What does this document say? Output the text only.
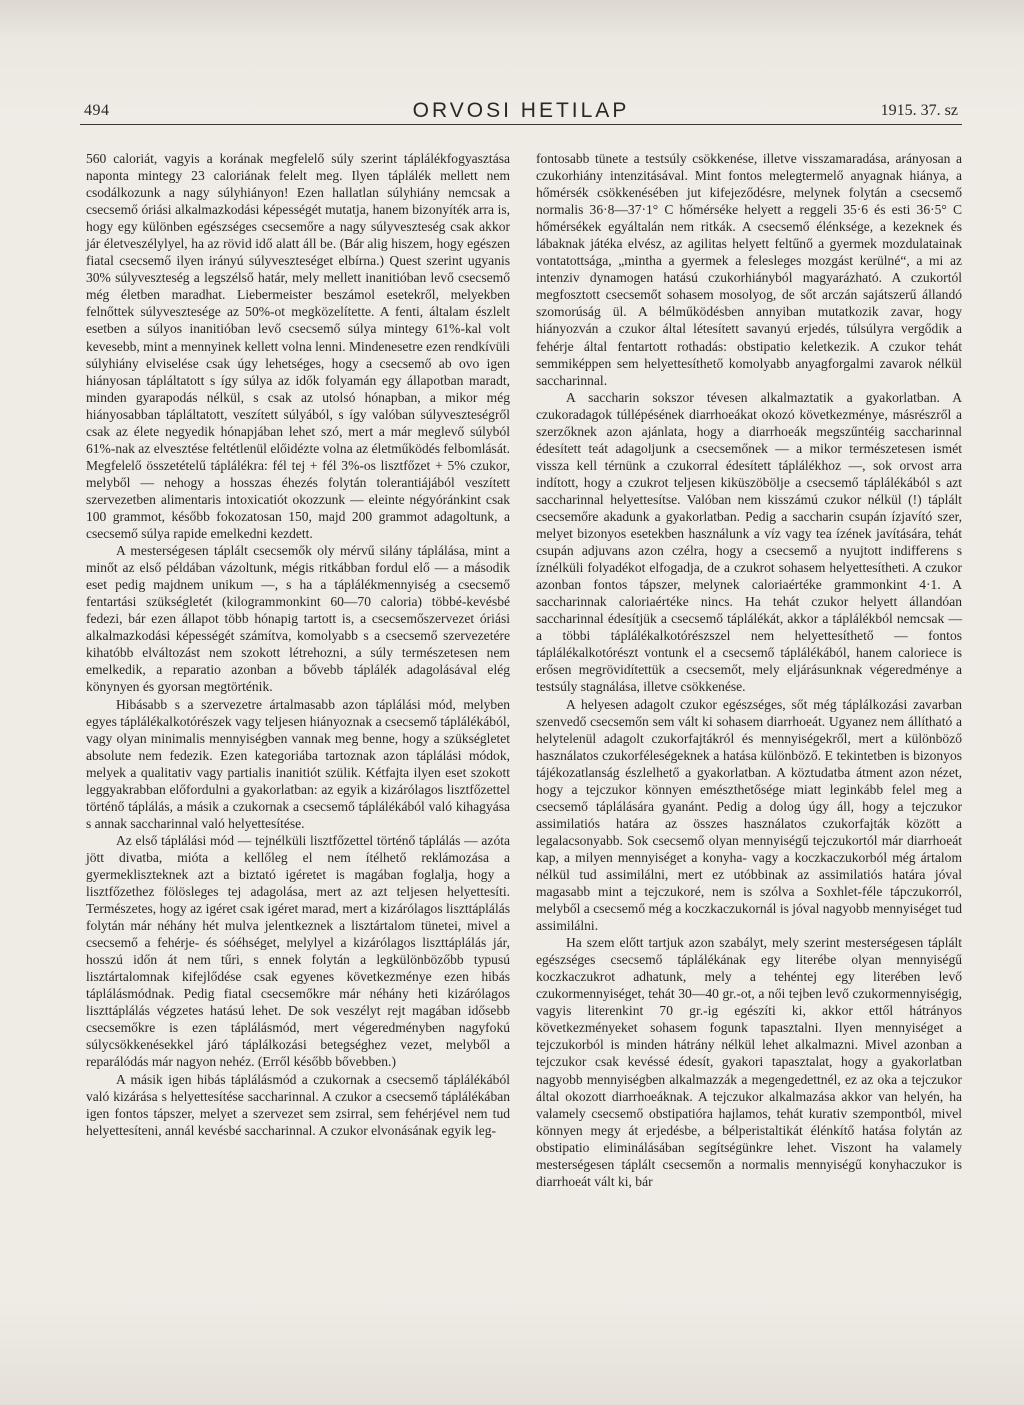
494	ORVOSI HETILAP	1915. 37. sz

560 caloriát, vagyis a korának megfelelő súly szerint táplálékfogyasztása naponta mintegy 23 caloriának felelt meg. Ilyen táplálék mellett nem csodálkozunk a nagy súlyhiányon! Ezen hallatlan súlyhiány nemcsak a csecsemő óriási alkalmazkodási képességét mutatja, hanem bizonyíték arra is, hogy egy különben egészséges csecsemőre a nagy súlyveszteség csak akkor jár életveszélylyel, ha az rövid idő alatt áll be. (Bár alig hiszem, hogy egészen fiatal csecsemő ilyen irányú súlyveszteséget elbírna.) Quest szerint ugyanis 30% súlyveszteség a legszélső határ, mely mellett inanitióban levő csecsemő még életben maradhat. Liebermeister beszámol esetekről, melyekben felnőttek súlyvesztesége az 50%-ot megközelítette. A fenti, általam észlelt esetben a súlyos inanitióban levő csecsemő súlya mintegy 61%-kal volt kevesebb, mint a mennyinek kellett volna lenni. Mindenesetre ezen rendkívüli súlyhiány elviselése csak úgy lehetséges, hogy a csecsemő ab ovo igen hiányosan tápláltatott s így súlya az idők folyamán egy állapotban maradt, minden gyarapodás nélkül, s csak az utolsó hónapban, a mikor még hiányosabban tápláltatott, veszített súlyából, s így valóban súlyveszteségről csak az élete negyedik hónapjában lehet szó, mert a már meglevő súlyból 61%-nak az elvesztése feltétlenül előidézte volna az életműködés felbomlását. Megfelelő összetételű táplálékra: fél tej + fél 3%-os lisztfőzet + 5% czukor, melyből — nehogy a hosszas éhezés folytán tolerantiájából veszített szervezetben alimentaris intoxicatiót okozzunk — eleinte négyóránkint csak 100 grammot, később fokozatosan 150, majd 200 grammot adagoltunk, a csecsemő súlya rapide emelkedni kezdett.

A mesterségesen táplált csecsemők oly mérvű silány táplálása, mint a minőt az első példában vázoltunk, mégis ritkábban fordul elő — a második eset pedig majdnem unikum —, s ha a táplálékmennyiség a csecsemő fentartási szükségletét (kilogrammonkint 60—70 caloria) többé-kevésbé fedezi, bár ezen állapot több hónapig tartott is, a csecsemőszervezet óriási alkalmazkodási képességét számítva, komolyabb s a csecsemő szervezetére kihatóbb elváltozást nem szokott létrehozni, a súly természetesen nem emelkedik, a reparatio azonban a bővebb táplálék adagolásával elég könynyen és gyorsan megtörténik.

Hibásabb s a szervezetre ártalmasabb azon táplálási mód, melyben egyes táplálékalkotórészek vagy teljesen hiányoznak a csecsemő táplálékából, vagy olyan minimalis mennyiségben vannak meg benne, hogy a szükségletet absolute nem fedezik. Ezen kategoriába tartoznak azon táplálási módok, melyek a qualitativ vagy partialis inanitiót szülik. Kétfajta ilyen eset szokott leggyakrabban előfordulni a gyakorlatban: az egyik a kizárólagos lisztfőzettel történő táplálás, a másik a czukornak a csecsemő táplálékából való kihagyása s annak saccharinnal való helyettesítése.

Az első táplálási mód — tejnélküli lisztfőzettel történő táplálás — azóta jött divatba, mióta a kellőleg el nem ítélhető reklámozása a gyermekliszteknek azt a biztató igéretet is magában foglalja, hogy a lisztfőzethez fölösleges tej adagolása, mert az azt teljesen helyettesíti. Természetes, hogy az igéret csak igéret marad, mert a kizárólagos liszttáplálás folytán már néhány hét mulva jelentkeznek a lisztártalom tünetei, mivel a csecsemő a fehérje- és sóéhséget, melylyel a kizárólagos liszttáplálás jár, hosszú időn át nem tűri, s ennek folytán a legkülönbözőbb typusú lisztártalomnak kifejlődése csak egyenes következménye ezen hibás táplálásmódnak. Pedig fiatal csecsemőkre már néhány heti kizárólagos liszttáplálás végzetes hatású lehet. De sok veszélyt rejt magában idősebb csecsemőkre is ezen táplálásmód, mert végeredményben nagyfokú súlycsökkenésekkel járó táplálkozási betegséghez vezet, melyből a reparálódás már nagyon nehéz. (Erről később bővebben.)

A másik igen hibás táplálásmód a czukornak a csecsemő táplálékából való kizárása s helyettesítése saccharinnal. A czukor a csecsemő táplálékában igen fontos tápszer, melyet a szervezet sem zsirral, sem fehérjével nem tud helyettesíteni, annál kevésbé saccharinnal. A czukor elvonásának egyik leg-

fontosabb tünete a testsúly csökkenése, illetve visszamaradása, arányosan a czukorhiány intenzitásával. Mint fontos melegtermelő anyagnak hiánya, a hőmérsék csökkenésében jut kifejeződésre, melynek folytán a csecsemő normalis 36·8—37·1° C hőmérséke helyett a reggeli 35·6 és esti 36·5° C hőmérsékek egyáltalán nem ritkák. A csecsemő élénksége, a kezeknek és lábaknak játéka elvész, az agilitas helyett feltűnő a gyermek mozdulatainak vontatottsága, „mintha a gyermek a felesleges mozgást kerülné“, a mi az intenziv dynamogen hatású czukorhiányból magyarázható. A czukortól megfosztott csecsemőt sohasem mosolyog, de sőt arczán sajátszerű állandó szomorúság ül. A bélműködésben annyiban mutatkozik zavar, hogy hiányozván a czukor által létesített savanyú erjedés, túlsúlyra vergődik a fehérje által fentartott rothadás: obstipatio keletkezik. A czukor tehát semmiképpen sem helyettesíthető komolyabb anyagforgalmi zavarok nélkül saccharinnal.

A saccharin sokszor tévesen alkalmaztatik a gyakorlatban. A czukoradagok túllépésének diarrhoeákat okozó következménye, másrészről a szerzőknek azon ajánlata, hogy a diarrhoeák megszűntéig saccharinnal édesített teát adagoljunk a csecsemőnek — a mikor természetesen ismét vissza kell térnünk a czukorral édesített táplálékhoz —, sok orvost arra indított, hogy a czukrot teljesen kiküszöbölje a csecsemő táplálékából s azt saccharinnal helyettesítse. Valóban nem kisszámú czukor nélkül (!) táplált csecsemőre akadunk a gyakorlatban. Pedig a saccharin csupán ízjavító szer, melyet bizonyos esetekben használunk a víz vagy tea ízének javítására, tehát csupán adjuvans azon czélra, hogy a csecsemő a nyujtott indifferens s íznélküli folyadékot elfogadja, de a czukrot sohasem helyettesítheti. A czukor azonban fontos tápszer, melynek caloriaértéke grammonkint 4·1. A saccharinnak caloriaértéke nincs. Ha tehát czukor helyett állandóan saccharinnal édesítjük a csecsemő táplálékát, akkor a táplálékból nemcsak — a többi táplálékalkotórészszel nem helyettesíthető — fontos táplálékalkotórészt vontunk el a csecsemő táplálékából, hanem caloriece is erősen megrövidítettük a csecsemőt, mely eljárásunknak végeredménye a testsúly stagnálása, illetve csökkenése.

A helyesen adagolt czukor egészséges, sőt még táplálkozási zavarban szenvedő csecsemőn sem vált ki sohasem diarrhoeát. Ugyanez nem állítható a helytelenül adagolt czukorfajtákról és mennyiségekről, mert a különböző használatos czukorféleségeknek a hatása különböző. E tekintetben is bizonyos tájékozatlanság észlelhető a gyakorlatban. A köztudatba átment azon nézet, hogy a tejczukor könnyen emészthetősége miatt leginkább felel meg a csecsemő táplálására gyanánt. Pedig a dolog úgy áll, hogy a tejczukor assimilatiós határa az összes használatos czukorfajták között a legalacsonyabb. Sok csecsemő olyan mennyiségű tejczukortól már diarrhoeát kap, a milyen mennyiséget a konyha- vagy a koczkaczukorból még ártalom nélkül tud assimilálni, mert ez utóbbinak az assimilatiós határa jóval magasabb mint a tejczukoré, nem is szólva a Soxhlet-féle tápczukorról, melyből a csecsemő még a koczkaczukornál is jóval nagyobb mennyiséget tud assimilálni.

Ha szem előtt tartjuk azon szabályt, mely szerint mesterségesen táplált egészséges csecsemő táplálékának egy literébe olyan mennyiségű koczkaczukrot adhatunk, mely a tehéntej egy literében levő czukormennyiséget, tehát 30—40 gr.-ot, a női tejben levő czukormennyiségig, vagyis literenkint 70 gr.-ig egészíti ki, akkor ettől hátrányos következményeket sohasem fogunk tapasztalni. Ilyen mennyiséget a tejczukorból is minden hátrány nélkül lehet alkalmazni. Mivel azonban a tejczukor csak kevéssé édesít, gyakori tapasztalat, hogy a gyakorlatban nagyobb mennyiségben alkalmazzák a megengedettnél, ez az oka a tejczukor által okozott diarrhoeáknak. A tejczukor alkalmazása akkor van helyén, ha valamely csecsemő obstipatióra hajlamos, tehát kurativ szempontból, mivel könnyen megy át erjedésbe, a bélperistaltikát élénkítő hatása folytán az obstipatio eliminálásában segítségünkre lehet. Viszont ha valamely mesterségesen táplált csecsemőn a normalis mennyiségű konyhaczukor is diarrhoeát vált ki, bár
